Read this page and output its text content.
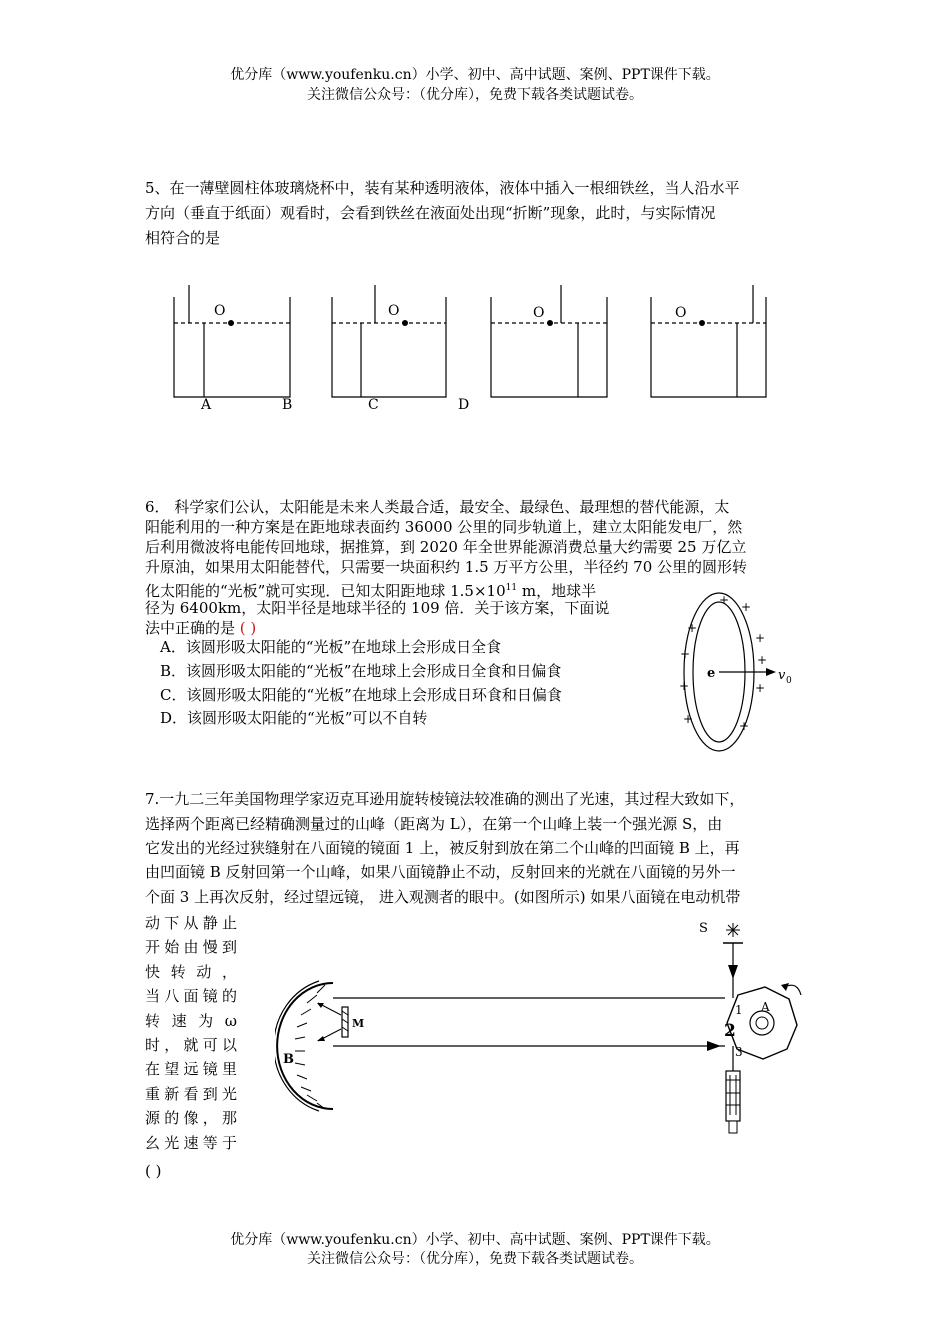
优分库（www.youfenku.cn）小学、初中、高中试题、案例、PPT课件下载。
关注微信公众号：（优分库），免费下载各类试题试卷。
5、在一薄壁圆柱体玻璃烧杯中，装有某种透明液体，液体中插入一根细铁丝，当人沿水平
方向（垂直于纸面）观看时，会看到铁丝在液面处出现“折断”现象，此时，与实际情况
相符合的是
O	O	O
A	B	C	D
O
6． 科学家们公认，太阳能是未来人类最合适，最安全、最绿色、最理想的替代能源，太
阳能利用的一种方案是在距地球表面约 36000 公里的同步轨道上，建立太阳能发电厂，然
后利用微波将电能传回地球，据推算，到 2020 年全世界能源消费总量大约需要 25 万亿立
升原油，如果用太阳能替代，只需要一块面积约 1.5 万平方公里，半径约 70 公里的圆形转
化太阳能的“光板”就可实现．已知太阳距地球 $1.5\times 10^{11}$ m，地球半
径为 6400km，太阳半径是地球半径的 109 倍．关于该方案，下面说
法中正确的是 ( )
A．该圆形吸太阳能的“光板”在地球上会形成日全食
B．该圆形吸太阳能的“光板”在地球上会形成日全食和日偏食
C．该圆形吸太阳能的“光板”在地球上会形成日环食和日偏食
D．该圆形吸太阳能的“光板”可以不自转
e	v 0
+ +
+
+
+	+
+	+
+	+
7.一九二三年美国物理学家迈克耳逊用旋转棱镜法较准确的测出了光速，其过程大致如下，
选择两个距离已经精确测量过的山峰（距离为 L），在第一个山峰上装一个强光源 S，由
它发出的光经过狭缝射在八面镜的镜面 1 上，被反射到放在第二个山峰的凹面镜 B 上，再
由凹面镜 B 反射回第一个山峰，如果八面镜静止不动，反射回来的光就在八面镜的另外一
个面 3 上再次反射，经过望远镜， 进入观测者的眼中。(如图所示) 如果八面镜在电动机带
动下从静止
开始由慢到
快 转 动 ，
当八面镜的
转 速 为 ω
时，就可以
在望远镜里
重新看到光
源的像，那
幺光速等于
( )
S
B
M
1
2
3
A
优分库（www.youfenku.cn）小学、初中、高中试题、案例、PPT课件下载。
关注微信公众号：（优分库），免费下载各类试题试卷。
